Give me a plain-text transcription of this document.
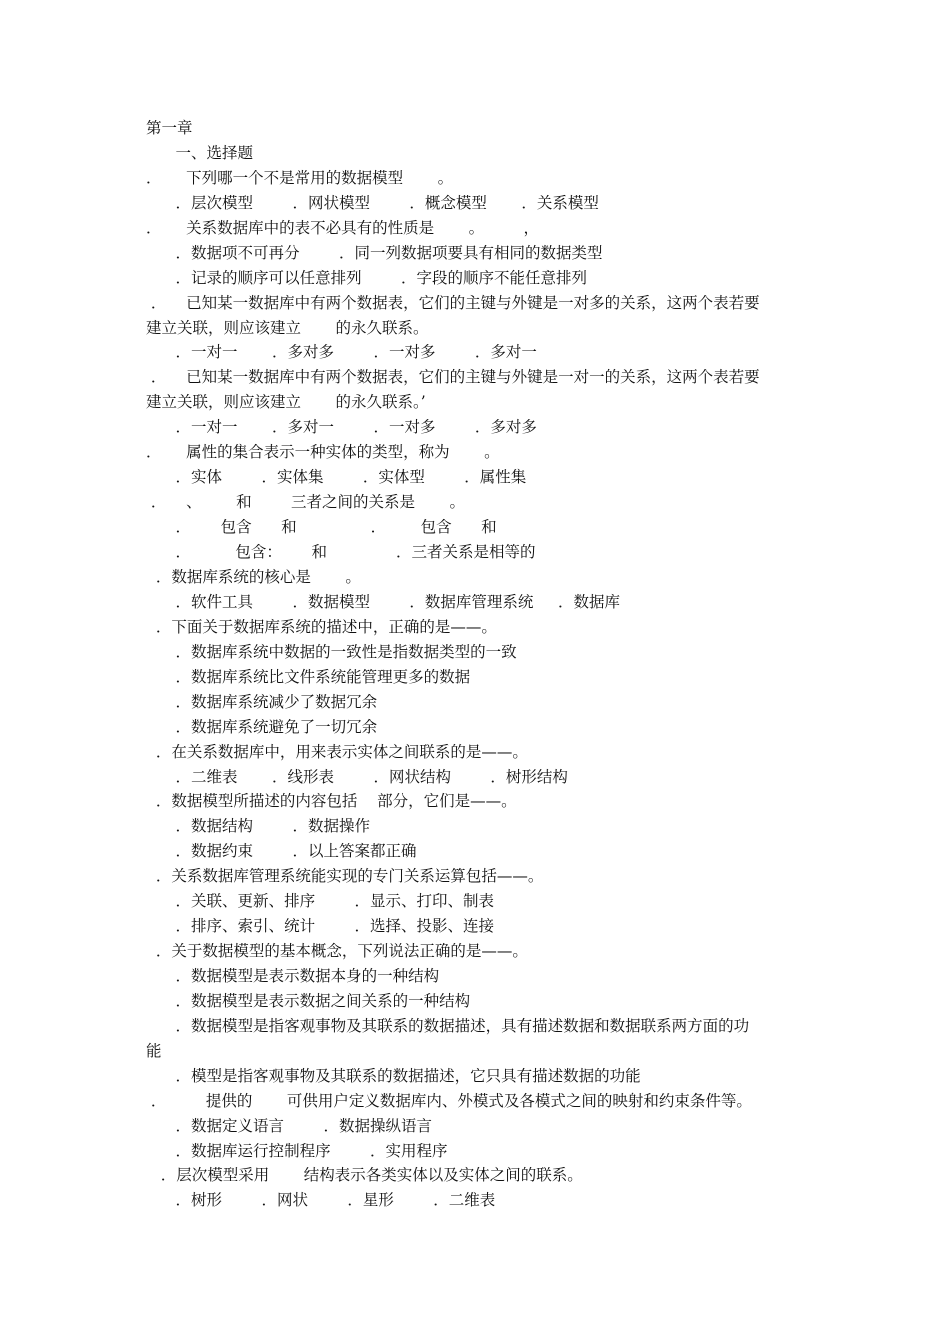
第一章
一、选择题
．     下列哪一个不是常用的数据模型       。
．层次模型        ．网状模型        ．概念模型       ．关系模型
．     关系数据库中的表不必具有的性质是       。        ，
．数据项不可再分        ．同一列数据项要具有相同的数据类型
．记录的顺序可以任意排列        ．字段的顺序不能任意排列
．    已知某一数据库中有两个数据表，它们的主键与外键是一对多的关系，这两个表若要
建立关联，则应该建立       的永久联系。
．一对一       ．多对多        ．一对多        ．多对一
．    已知某一数据库中有两个数据表，它们的主键与外键是一对一的关系，这两个表若要
建立关联，则应该建立       的永久联系。’
．一对一       ．多对一        ．一对多        ．多对多
．     属性的集合表示一种实体的类型，称为       。
．实体        ．实体集        ．实体型        ．属性集
．    、       和        三者之间的关系是       。
．      包含      和               ．       包含      和
．         包含：      和              ．三者关系是相等的
．数据库系统的核心是       。
．软件工具        ．数据模型        ．数据库管理系统     ．数据库
．下面关于数据库系统的描述中，正确的是——。
．数据库系统中数据的一致性是指数据类型的一致
．数据库系统比文件系统能管理更多的数据
．数据库系统减少了数据冗余
．数据库系统避免了一切冗余
．在关系数据库中，用来表示实体之间联系的是——。
．二维表       ．线形表        ．网状结构        ．树形结构
．数据模型所描述的内容包括    部分，它们是——。
．数据结构        ．数据操作
．数据约束        ．以上答案都正确
．关系数据库管理系统能实现的专门关系运算包括——。
．关联、更新、排序        ．显示、打印、制表
．排序、索引、统计        ．选择、投影、连接
．关于数据模型的基本概念，下列说法正确的是——。
．数据模型是表示数据本身的一种结构
．数据模型是表示数据之间关系的一种结构
．数据模型是指客观事物及其联系的数据描述，具有描述数据和数据联系两方面的功
能
．模型是指客观事物及其联系的数据描述，它只具有描述数据的功能
．        提供的       可供用户定义数据库内、外模式及各模式之间的映射和约束条件等。
．数据定义语言        ．数据操纵语言
．数据库运行控制程序        ．实用程序
．层次模型采用       结构表示各类实体以及实体之间的联系。
．树形        ．网状        ．星形        ．二维表
